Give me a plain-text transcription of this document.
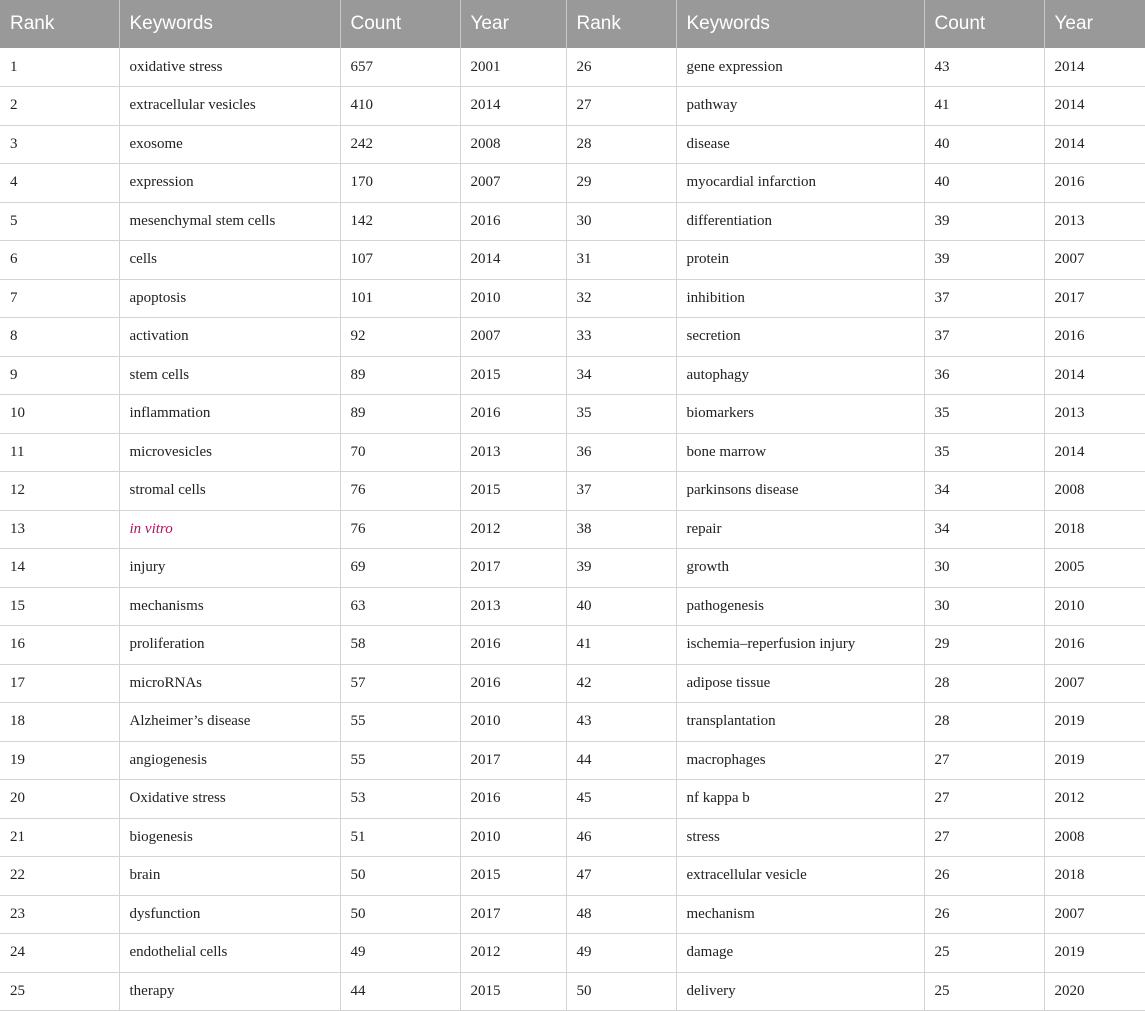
Rank	Keywords	Count	Year	Rank	Keywords	Count	Year
1	oxidative stress	657	2001	26	gene expression	43	2014
2	extracellular vesicles	410	2014	27	pathway	41	2014
3	exosome	242	2008	28	disease	40	2014
4	expression	170	2007	29	myocardial infarction	40	2016
5	mesenchymal stem cells	142	2016	30	differentiation	39	2013
6	cells	107	2014	31	protein	39	2007
7	apoptosis	101	2010	32	inhibition	37	2017
8	activation	92	2007	33	secretion	37	2016
9	stem cells	89	2015	34	autophagy	36	2014
10	inflammation	89	2016	35	biomarkers	35	2013
11	microvesicles	70	2013	36	bone marrow	35	2014
12	stromal cells	76	2015	37	parkinsons disease	34	2008
13	in vitro	76	2012	38	repair	34	2018
14	injury	69	2017	39	growth	30	2005
15	mechanisms	63	2013	40	pathogenesis	30	2010
16	proliferation	58	2016	41	ischemia–reperfusion injury	29	2016
17	microRNAs	57	2016	42	adipose tissue	28	2007
18	Alzheimer’s disease	55	2010	43	transplantation	28	2019
19	angiogenesis	55	2017	44	macrophages	27	2019
20	Oxidative stress	53	2016	45	nf kappa b	27	2012
21	biogenesis	51	2010	46	stress	27	2008
22	brain	50	2015	47	extracellular vesicle	26	2018
23	dysfunction	50	2017	48	mechanism	26	2007
24	endothelial cells	49	2012	49	damage	25	2019
25	therapy	44	2015	50	delivery	25	2020
